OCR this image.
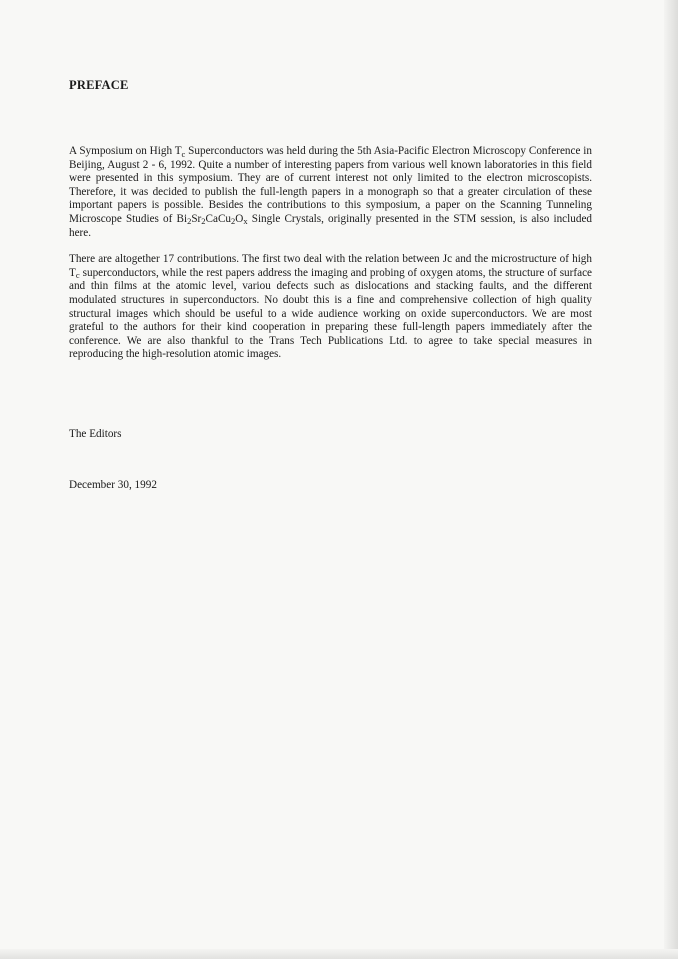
PREFACE

A Symposium on High $T_c$ Superconductors was held during the 5th Asia-Pacific Electron Microscopy Conference in Beijing, August 2 - 6, 1992. Quite a number of interesting papers from various well known laboratories in this field were presented in this symposium. They are of current interest not only limited to the electron microscopists. Therefore, it was decided to publish the full-length papers in a monograph so that a greater circulation of these important papers is possible. Besides the contributions to this symposium, a paper on the Scanning Tunneling Microscope Studies of $Bi_2Sr_2CaCu_2O_x$ Single Crystals, originally presented in the STM session, is also included here.

There are altogether 17 contributions. The first two deal with the relation between Jc and the microstructure of high $T_c$ superconductors, while the rest papers address the imaging and probing of oxygen atoms, the structure of surface and thin films at the atomic level, variou defects such as dislocations and stacking faults, and the different modulated structures in superconductors. No doubt this is a fine and comprehensive collection of high quality structural images which should be useful to a wide audience working on oxide superconductors. We are most grateful to the authors for their kind cooperation in preparing these full-length papers immediately after the conference. We are also thankful to the Trans Tech Publications Ltd. to agree to take special measures in reproducing the high-resolution atomic images.

The Editors

December 30, 1992
